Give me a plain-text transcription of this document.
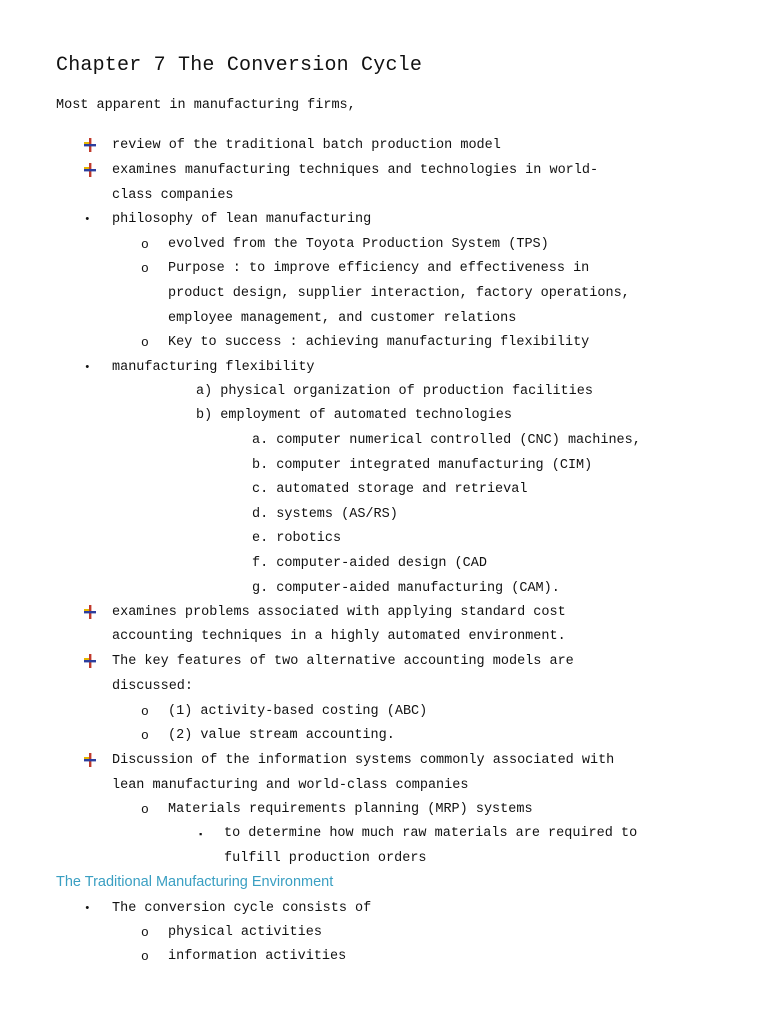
Chapter 7 The Conversion Cycle
Most apparent in manufacturing firms,
review of the traditional batch production model
examines manufacturing techniques and technologies in world-
class companies
• philosophy of lean manufacturing
o evolved from the Toyota Production System (TPS)
o Purpose : to improve efficiency and effectiveness in
product design, supplier interaction, factory operations,
employee management, and customer relations
o Key to success : achieving manufacturing flexibility
• manufacturing flexibility
a) physical organization of production facilities
b) employment of automated technologies
a. computer numerical controlled (CNC) machines,
b. computer integrated manufacturing (CIM)
c. automated storage and retrieval
d. systems (AS/RS)
e. robotics
f. computer-aided design (CAD
g. computer-aided manufacturing (CAM).
examines problems associated with applying standard cost
accounting techniques in a highly automated environment.
The key features of two alternative accounting models are
discussed:
o (1) activity-based costing (ABC)
o (2) value stream accounting.
Discussion of the information systems commonly associated with
lean manufacturing and world-class companies
o Materials requirements planning (MRP) systems
▪ to determine how much raw materials are required to
fulfill production orders
The Traditional Manufacturing Environment
• The conversion cycle consists of
o physical activities
o information activities
